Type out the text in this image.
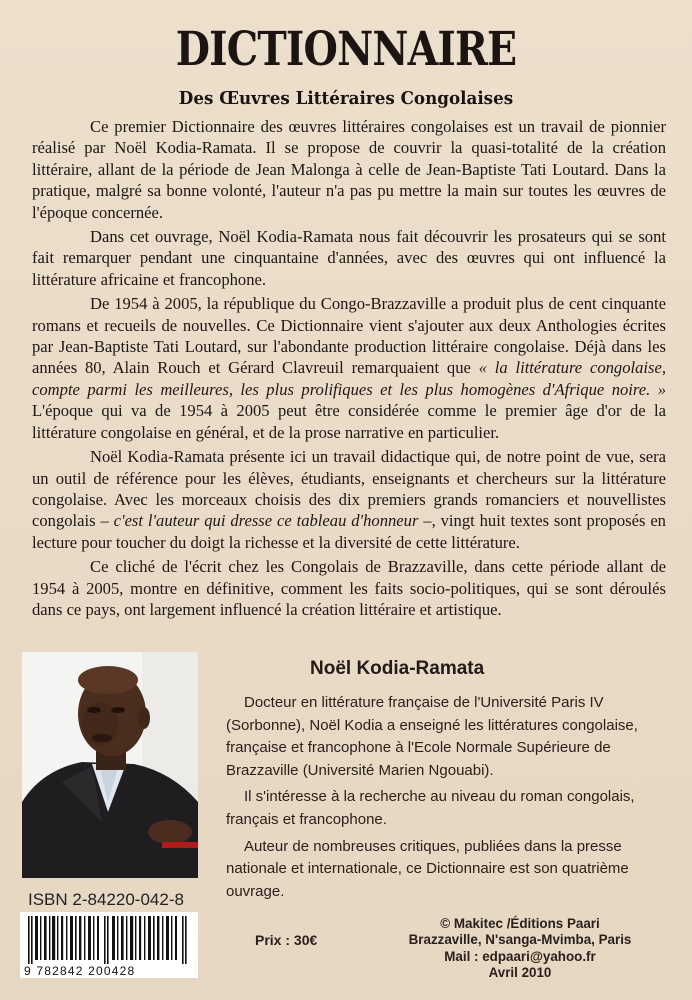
DICTIONNAIRE
Des Œuvres Littéraires Congolaises

Ce premier Dictionnaire des œuvres littéraires congolaises est un travail de pionnier réalisé par Noël Kodia-Ramata. Il se propose de couvrir la quasi-totalité de la création littéraire, allant de la période de Jean Malonga à celle de Jean-Baptiste Tati Loutard. Dans la pratique, malgré sa bonne volonté, l'auteur n'a pas pu mettre la main sur toutes les œuvres de l'époque concernée.

Dans cet ouvrage, Noël Kodia-Ramata nous fait découvrir les prosateurs qui se sont fait remarquer pendant une cinquantaine d'années, avec des œuvres qui ont influencé la littérature africaine et francophone.

De 1954 à 2005, la république du Congo-Brazzaville a produit plus de cent cinquante romans et recueils de nouvelles. Ce Dictionnaire vient s'ajouter aux deux Anthologies écrites par Jean-Baptiste Tati Loutard, sur l'abondante production littéraire congolaise. Déjà dans les années 80, Alain Rouch et Gérard Clavreuil remarquaient que « la littérature congolaise, compte parmi les meilleures, les plus prolifiques et les plus homogènes d'Afrique noire. » L'époque qui va de 1954 à 2005 peut être considérée comme le premier âge d'or de la littérature congolaise en général, et de la prose narrative en particulier.

Noël Kodia-Ramata présente ici un travail didactique qui, de notre point de vue, sera un outil de référence pour les élèves, étudiants, enseignants et chercheurs sur la littérature congolaise. Avec les morceaux choisis des dix premiers grands romanciers et nouvellistes congolais – c'est l'auteur qui dresse ce tableau d'honneur –, vingt huit textes sont proposés en lecture pour toucher du doigt la richesse et la diversité de cette littérature.

Ce cliché de l'écrit chez les Congolais de Brazzaville, dans cette période allant de 1954 à 2005, montre en définitive, comment les faits socio-politiques, qui se sont déroulés dans ce pays, ont largement influencé la création littéraire et artistique.

Noël Kodia-Ramata

Docteur en littérature française de l'Université Paris IV (Sorbonne), Noël Kodia a enseigné les littératures congolaise, française et francophone à l'Ecole Normale Supérieure de Brazzaville (Université Marien Ngouabi).

Il s'intéresse à la recherche au niveau du roman congolais, français et francophone.

Auteur de nombreuses critiques, publiées dans la presse nationale et internationale, ce Dictionnaire est son quatrième ouvrage.

ISBN 2-84220-042-8
9 782842 200428
Prix : 30€
© Makitec /Éditions Paari
Brazzaville, N'sanga-Mvimba, Paris
Mail : edpaari@yahoo.fr
Avril 2010
